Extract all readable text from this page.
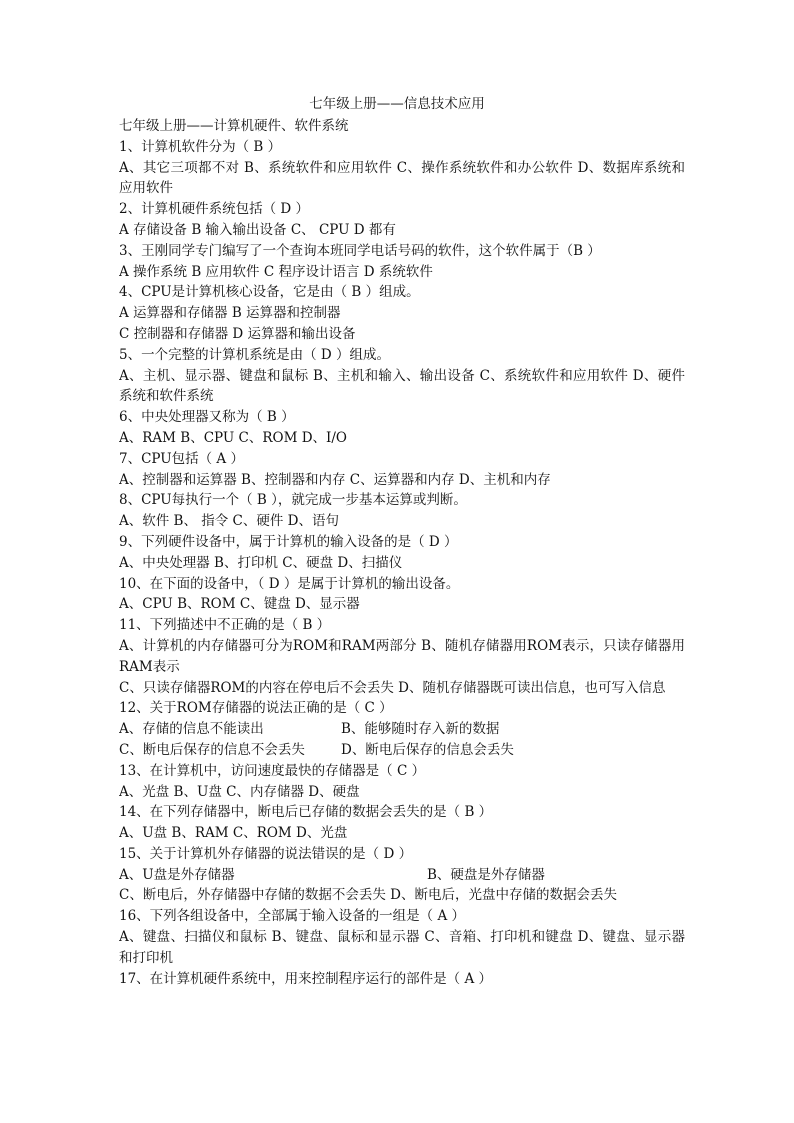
七年级上册——信息技术应用
七年级上册——计算机硬件、软件系统
1、计算机软件分为（ B ）
A、其它三项都不对 B、系统软件和应用软件 C、操作系统软件和办公软件 D、数据库系统和应用软件
2、计算机硬件系统包括（ D ）
A 存储设备 B 输入输出设备 C、 CPU D 都有
3、王刚同学专门编写了一个查询本班同学电话号码的软件，这个软件属于（B ）
A 操作系统 B 应用软件 C 程序设计语言 D 系统软件
4、CPU是计算机核心设备，它是由（ B ）组成。
A 运算器和存储器 B 运算器和控制器
C 控制器和存储器 D 运算器和输出设备
5、一个完整的计算机系统是由（ D ）组成。
A、主机、显示器、键盘和鼠标 B、主机和输入、输出设备 C、系统软件和应用软件 D、硬件系统和软件系统
6、中央处理器又称为（ B ）
A、RAM B、CPU C、ROM D、I/O
7、CPU包括（ A ）
A、控制器和运算器 B、控制器和内存 C、运算器和内存 D、主机和内存
8、CPU每执行一个（ B ），就完成一步基本运算或判断。
A、软件 B、 指令 C、硬件 D、语句
9、下列硬件设备中，属于计算机的输入设备的是（ D ）
A、中央处理器 B、打印机 C、硬盘 D、扫描仪
10、在下面的设备中，（ D ）是属于计算机的输出设备。
A、CPU B、ROM C、键盘 D、显示器
11、下列描述中不正确的是（ B ）
A、计算机的内存储器可分为ROM和RAM两部分 B、随机存储器用ROM表示，只读存储器用RAM表示
C、只读存储器ROM的内容在停电后不会丢失 D、随机存储器既可读出信息，也可写入信息
12、关于ROM存储器的说法正确的是（ C ）
A、存储的信息不能读出	B、能够随时存入新的数据
C、断电后保存的信息不会丢失	D、断电后保存的信息会丢失
13、在计算机中，访问速度最快的存储器是（ C ）
A、光盘 B、U盘 C、内存储器 D、硬盘
14、在下列存储器中，断电后已存储的数据会丢失的是（ B ）
A、U盘 B、RAM C、ROM D、光盘
15、关于计算机外存储器的说法错误的是（ D ）
A、U盘是外存储器	B、硬盘是外存储器
C、断电后，外存储器中存储的数据不会丢失 D、断电后，光盘中存储的数据会丢失
16、下列各组设备中，全部属于输入设备的一组是（ A ）
A、键盘、扫描仪和鼠标 B、键盘、鼠标和显示器 C、音箱、打印机和键盘 D、键盘、显示器和打印机
17、在计算机硬件系统中，用来控制程序运行的部件是（ A ）
